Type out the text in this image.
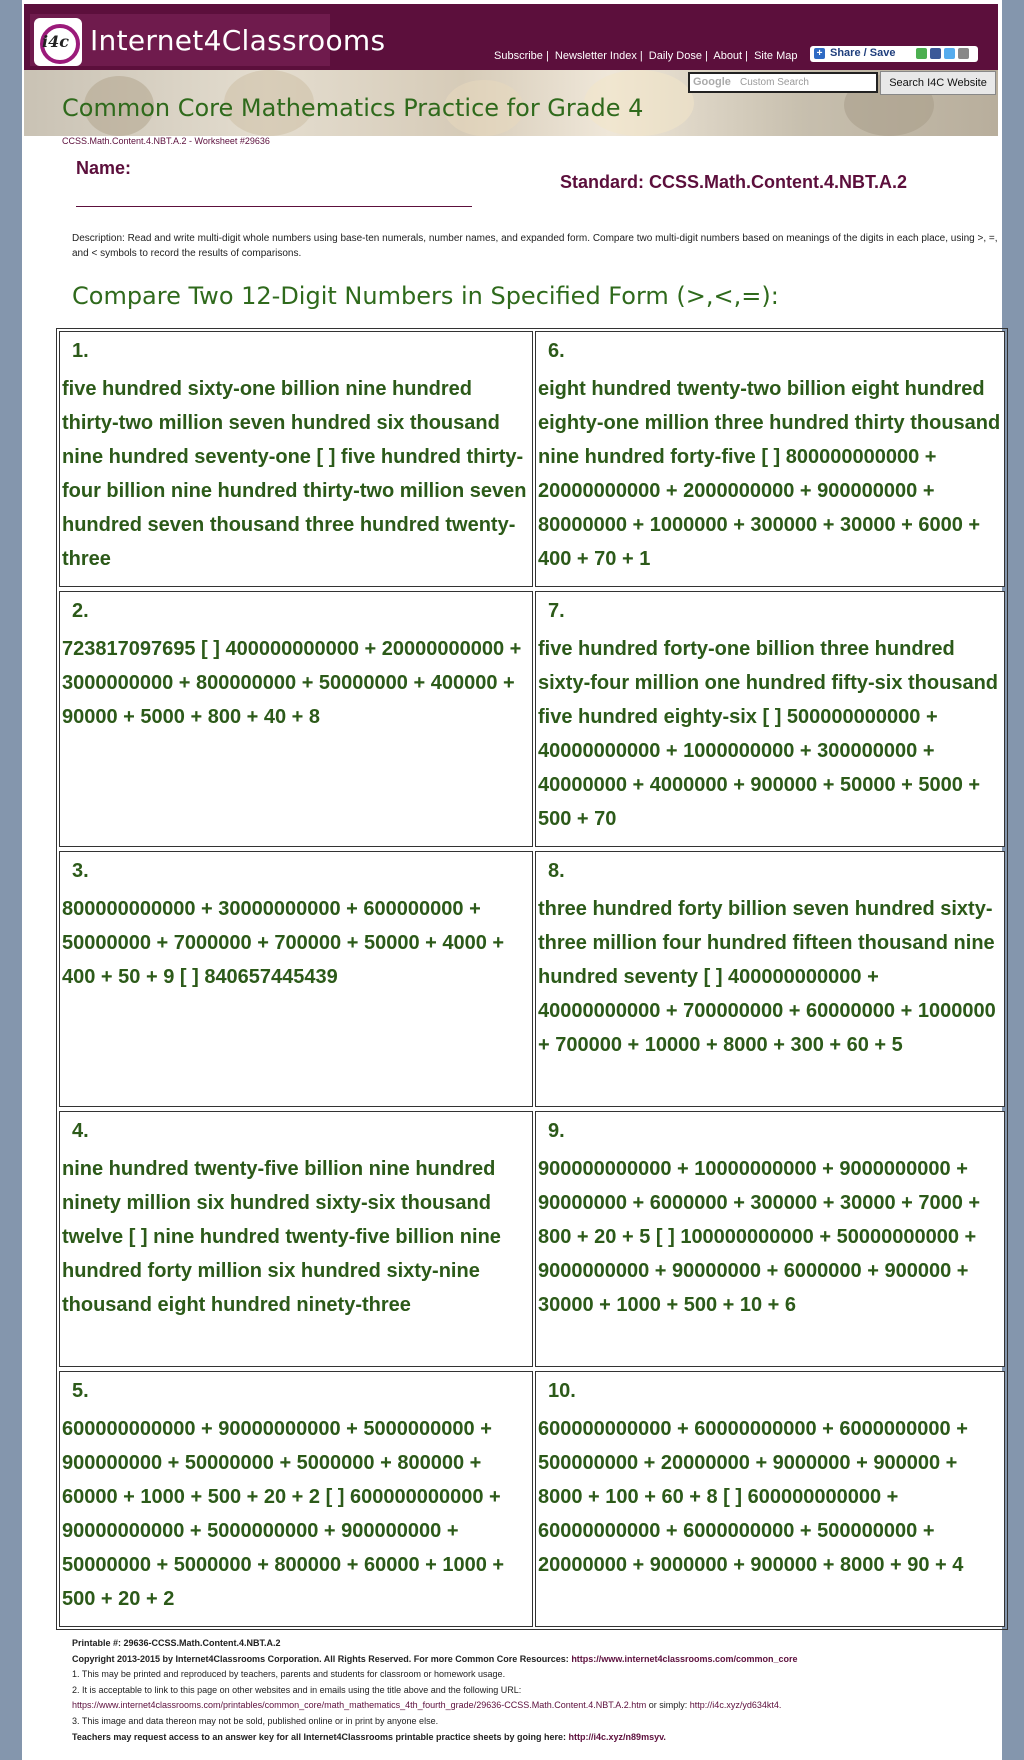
i4c Internet4Classrooms	Subscribe | Newsletter Index | Daily Dose | About | Site Map	+ Share / Save
Google Custom Search	Search I4C Website
Common Core Mathematics Practice for Grade 4
CCSS.Math.Content.4.NBT.A.2 - Worksheet #29636
Name:
Standard: CCSS.Math.Content.4.NBT.A.2
Description: Read and write multi-digit whole numbers using base-ten numerals, number names, and expanded form. Compare two multi-digit numbers based on meanings of the digits in each place, using >, =, and < symbols to record the results of comparisons.
Compare Two 12-Digit Numbers in Specified Form (>,<,=):
1.
five hundred sixty-one billion nine hundred thirty-two million seven hundred six thousand nine hundred seventy-one [ ] five hundred thirty-four billion nine hundred thirty-two million seven hundred seven thousand three hundred twenty-three
6.
eight hundred twenty-two billion eight hundred eighty-one million three hundred thirty thousand nine hundred forty-five [ ] 800000000000 + 20000000000 + 2000000000 + 900000000 + 80000000 + 1000000 + 300000 + 30000 + 6000 + 400 + 70 + 1
2.
723817097695 [ ] 400000000000 + 20000000000 + 3000000000 + 800000000 + 50000000 + 400000 + 90000 + 5000 + 800 + 40 + 8
7.
five hundred forty-one billion three hundred sixty-four million one hundred fifty-six thousand five hundred eighty-six [ ] 500000000000 + 40000000000 + 1000000000 + 300000000 + 40000000 + 4000000 + 900000 + 50000 + 5000 + 500 + 70
3.
800000000000 + 30000000000 + 600000000 + 50000000 + 7000000 + 700000 + 50000 + 4000 + 400 + 50 + 9 [ ] 840657445439
8.
three hundred forty billion seven hundred sixty-three million four hundred fifteen thousand nine hundred seventy [ ] 400000000000 + 40000000000 + 700000000 + 60000000 + 1000000 + 700000 + 10000 + 8000 + 300 + 60 + 5
4.
nine hundred twenty-five billion nine hundred ninety million six hundred sixty-six thousand twelve [ ] nine hundred twenty-five billion nine hundred forty million six hundred sixty-nine thousand eight hundred ninety-three
9.
900000000000 + 10000000000 + 9000000000 + 90000000 + 6000000 + 300000 + 30000 + 7000 + 800 + 20 + 5 [ ] 100000000000 + 50000000000 + 9000000000 + 90000000 + 6000000 + 900000 + 30000 + 1000 + 500 + 10 + 6
5.
600000000000 + 90000000000 + 5000000000 + 900000000 + 50000000 + 5000000 + 800000 + 60000 + 1000 + 500 + 20 + 2 [ ] 600000000000 + 90000000000 + 5000000000 + 900000000 + 50000000 + 5000000 + 800000 + 60000 + 1000 + 500 + 20 + 2
10.
600000000000 + 60000000000 + 6000000000 + 500000000 + 20000000 + 9000000 + 900000 + 8000 + 100 + 60 + 8 [ ] 600000000000 + 60000000000 + 6000000000 + 500000000 + 20000000 + 9000000 + 900000 + 8000 + 90 + 4
Printable #: 29636-CCSS.Math.Content.4.NBT.A.2
Copyright 2013-2015 by Internet4Classrooms Corporation. All Rights Reserved. For more Common Core Resources: https://www.internet4classrooms.com/common_core
1. This may be printed and reproduced by teachers, parents and students for classroom or homework usage.
2. It is acceptable to link to this page on other websites and in emails using the title above and the following URL:
https://www.internet4classrooms.com/printables/common_core/math_mathematics_4th_fourth_grade/29636-CCSS.Math.Content.4.NBT.A.2.htm or simply: http://i4c.xyz/yd634kt4.
3. This image and data thereon may not be sold, published online or in print by anyone else.
Teachers may request access to an answer key for all Internet4Classrooms printable practice sheets by going here: http://i4c.xyz/n89msyv.
